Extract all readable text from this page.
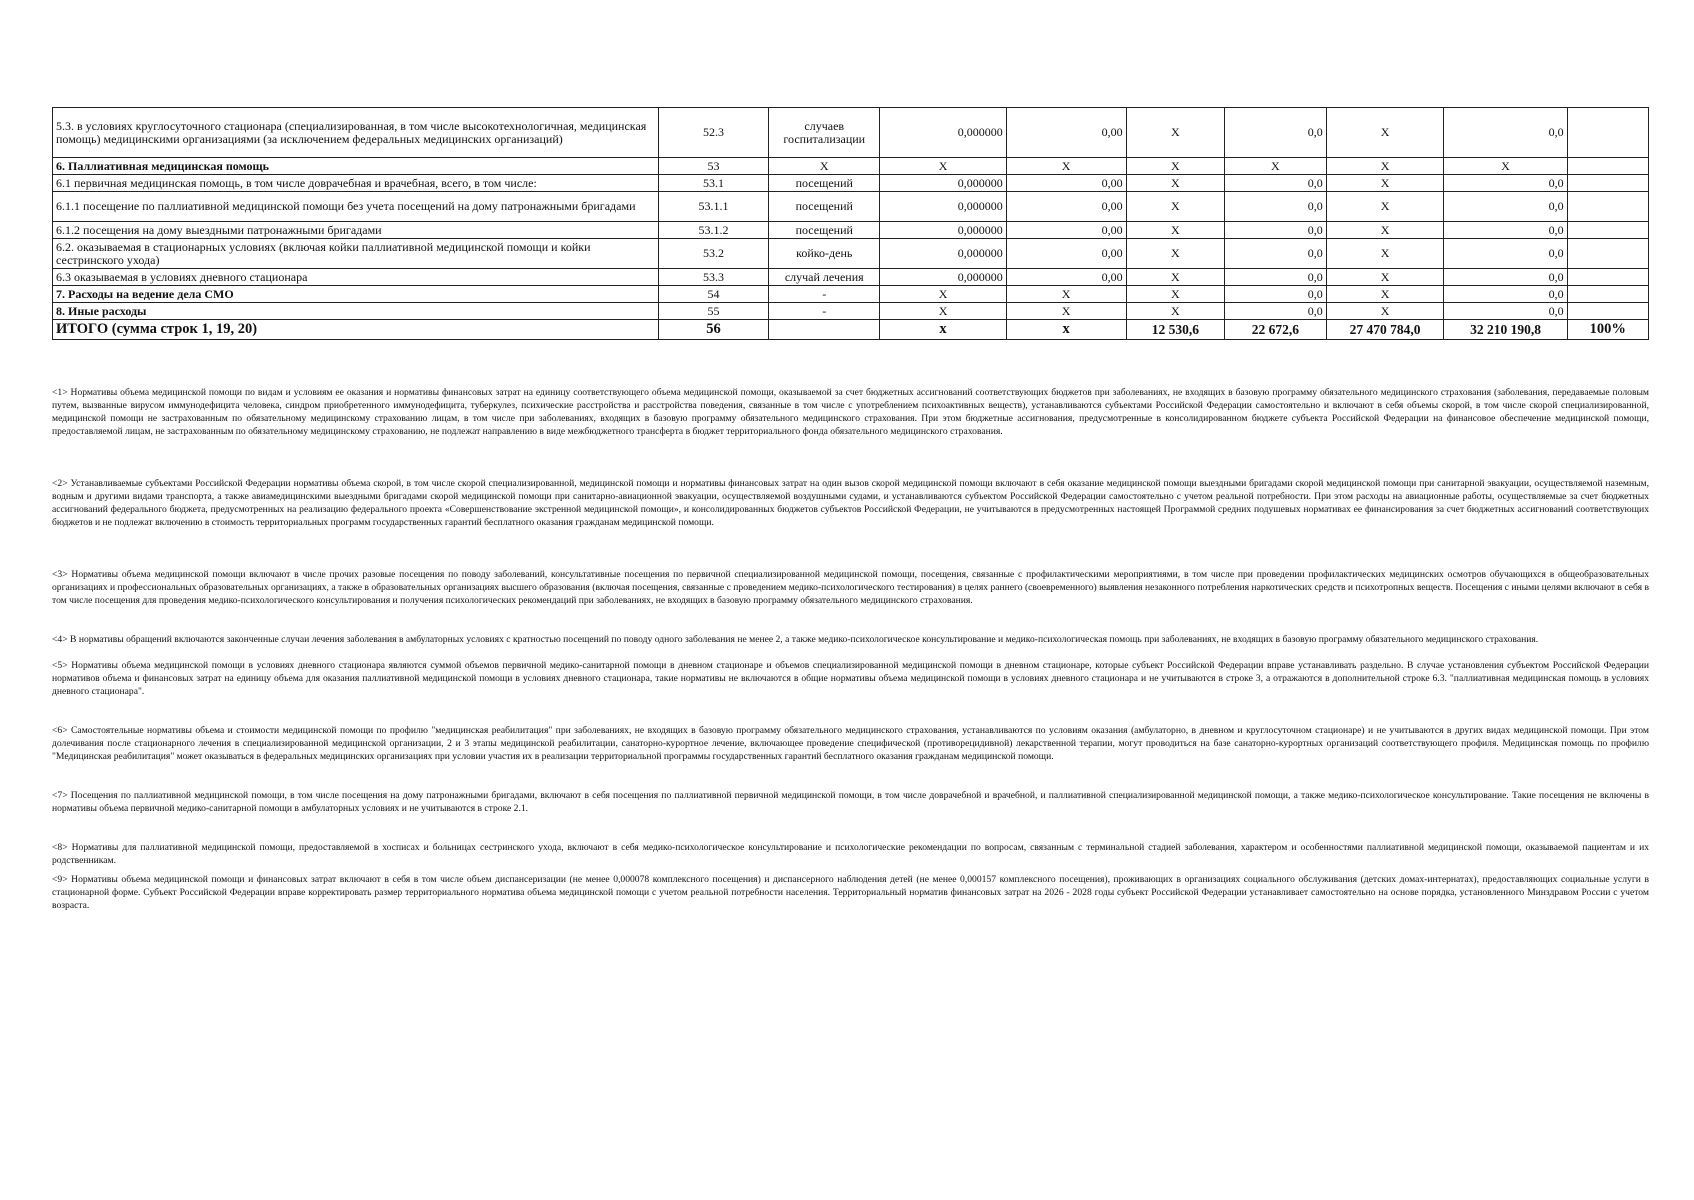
5.3. в условиях круглосуточного стационара (специализированная, в том числе высокотехнологичная, медицинская помощь) медицинскими организациями (за исключением федеральных медицинских организаций)	52.3	случаев госпитализации	0,000000	0,00	X	0,0	X	0,0	
6. Паллиативная медицинская помощь	53	X	X	X	X	X	X	X	
6.1 первичная медицинская помощь, в том числе доврачебная и врачебная, всего, в том числе:	53.1	посещений	0,000000	0,00	X	0,0	X	0,0	
6.1.1 посещение по паллиативной медицинской помощи без учета посещений на дому патронажными бригадами	53.1.1	посещений	0,000000	0,00	X	0,0	X	0,0	
6.1.2 посещения на дому выездными патронажными бригадами	53.1.2	посещений	0,000000	0,00	X	0,0	X	0,0	
6.2. оказываемая в стационарных условиях (включая койки паллиативной медицинской помощи и койки сестринского ухода)	53.2	койко-день	0,000000	0,00	X	0,0	X	0,0	
6.3 оказываемая в условиях дневного стационара	53.3	случай лечения	0,000000	0,00	X	0,0	X	0,0	
7. Расходы на ведение дела СМО	54	-	X	X	X	0,0	X	0,0	
8. Иные расходы	55	-	X	X	X	0,0	X	0,0	
ИТОГО (сумма строк 1, 19, 20)	56		x	x	12 530,6	22 672,6	27 470 784,0	32 210 190,8	100%

<1> Нормативы объема медицинской помощи по видам и условиям ее оказания и нормативы финансовых затрат на единицу соответствующего объема медицинской помощи, оказываемой за счет бюджетных ассигнований соответствующих бюджетов при заболеваниях, не входящих в базовую программу обязательного медицинского страхования (заболевания, передаваемые половым путем, вызванные вирусом иммунодефицита человека, синдром приобретенного иммунодефицита, туберкулез, психические расстройства и расстройства поведения, связанные в том числе с употреблением психоактивных веществ), устанавливаются субъектами Российской Федерации самостоятельно и включают в себя объемы скорой, в том числе скорой специализированной, медицинской помощи не застрахованным по обязательному медицинскому страхованию лицам, в том числе при заболеваниях, входящих в базовую программу обязательного медицинского страхования. При этом бюджетные ассигнования, предусмотренные в консолидированном бюджете субъекта Российской Федерации на финансовое обеспечение медицинской помощи, предоставляемой лицам, не застрахованным по обязательному медицинскому страхованию, не подлежат направлению в виде межбюджетного трансферта в бюджет территориального фонда обязательного медицинского страхования.

<2> Устанавливаемые субъектами Российской Федерации нормативы объема скорой, в том числе скорой специализированной, медицинской помощи и нормативы финансовых затрат на один вызов скорой медицинской помощи включают в себя оказание медицинской помощи выездными бригадами скорой медицинской помощи при санитарной эвакуации, осуществляемой наземным, водным и другими видами транспорта, а также авиамедицинскими выездными бригадами скорой медицинской помощи при санитарно-авиационной эвакуации, осуществляемой воздушными судами, и устанавливаются субъектом Российской Федерации самостоятельно с учетом реальной потребности. При этом расходы на авиационные работы, осуществляемые за счет бюджетных ассигнований федерального бюджета, предусмотренных на реализацию федерального проекта «Совершенствование экстренной медицинской помощи», и консолидированных бюджетов субъектов Российской Федерации, не учитываются в предусмотренных настоящей Программой средних подушевых нормативах ее финансирования за счет бюджетных ассигнований соответствующих бюджетов и не подлежат включению в стоимость территориальных программ государственных гарантий бесплатного оказания гражданам медицинской помощи.

<3> Нормативы объема медицинской помощи включают в числе прочих разовые посещения по поводу заболеваний, консультативные посещения по первичной специализированной медицинской помощи, посещения, связанные с профилактическими мероприятиями, в том числе при проведении профилактических медицинских осмотров обучающихся в общеобразовательных организациях и профессиональных образовательных организациях, а также в образовательных организациях высшего образования (включая посещения, связанные с проведением медико-психологического тестирования) в целях раннего (своевременного) выявления незаконного потребления наркотических средств и психотропных веществ. Посещения с иными целями включают в себя в том числе посещения для проведения медико-психологического консультирования и получения психологических рекомендаций при заболеваниях, не входящих в базовую программу обязательного медицинского страхования.

<4> В нормативы обращений включаются законченные случаи лечения заболевания в амбулаторных условиях с кратностью посещений по поводу одного заболевания не менее 2, а также медико-психологическое консультирование и медико-психологическая помощь при заболеваниях, не входящих в базовую программу обязательного медицинского страхования.

<5> Нормативы объема медицинской помощи в условиях дневного стационара являются суммой объемов первичной медико-санитарной помощи в дневном стационаре и объемов специализированной медицинской помощи в дневном стационаре, которые субъект Российской Федерации вправе устанавливать раздельно. В случае установления субъектом Российской Федерации нормативов объема и финансовых затрат на единицу объема для оказания паллиативной медицинской помощи в условиях дневного стационара, такие нормативы не включаются в общие нормативы объема медицинской помощи в условиях дневного стационара и не учитываются в строке 3, а отражаются в дополнительной строке 6.3. "паллиативная медицинская помощь в условиях дневного стационара".

<6> Самостоятельные нормативы объема и стоимости медицинской помощи по профилю "медицинская реабилитация" при заболеваниях, не входящих в базовую программу обязательного медицинского страхования, устанавливаются по условиям оказания (амбулаторно, в дневном и круглосуточном стационаре) и не учитываются в других видах медицинской помощи. При этом долечивания после стационарного лечения в специализированной медицинской организации, 2 и 3 этапы медицинской реабилитации, санаторно-курортное лечение, включающее проведение специфической (противорецидивной) лекарственной терапии, могут проводиться на базе санаторно-курортных организаций соответствующего профиля. Медицинская помощь по профилю "Медицинская реабилитация" может оказываться в федеральных медицинских организациях при условии участия их в реализации территориальной программы государственных гарантий бесплатного оказания гражданам медицинской помощи.

<7> Посещения по паллиативной медицинской помощи, в том числе посещения на дому патронажными бригадами, включают в себя посещения по паллиативной первичной медицинской помощи, в том числе доврачебной и врачебной, и паллиативной специализированной медицинской помощи, а также медико-психологическое консультирование. Такие посещения не включены в нормативы объема первичной медико-санитарной помощи в амбулаторных условиях и не учитываются в строке 2.1.

<8> Нормативы для паллиативной медицинской помощи, предоставляемой в хосписах и больницах сестринского ухода, включают в себя медико-психологическое консультирование и психологические рекомендации по вопросам, связанным с терминальной стадией заболевания, характером и особенностями паллиативной медицинской помощи, оказываемой пациентам и их родственникам.

<9> Нормативы объема медицинской помощи и финансовых затрат включают в себя в том числе объем диспансеризации (не менее 0,000078 комплексного посещения) и диспансерного наблюдения детей (не менее 0,000157 комплексного посещения), проживающих в организациях социального обслуживания (детских домах-интернатах), предоставляющих социальные услуги в стационарной форме. Субъект Российской Федерации вправе корректировать размер территориального норматива объема медицинской помощи с учетом реальной потребности населения. Территориальный норматив финансовых затрат на 2026 - 2028 годы субъект Российской Федерации устанавливает самостоятельно на основе порядка, установленного Минздравом России с учетом возраста.
